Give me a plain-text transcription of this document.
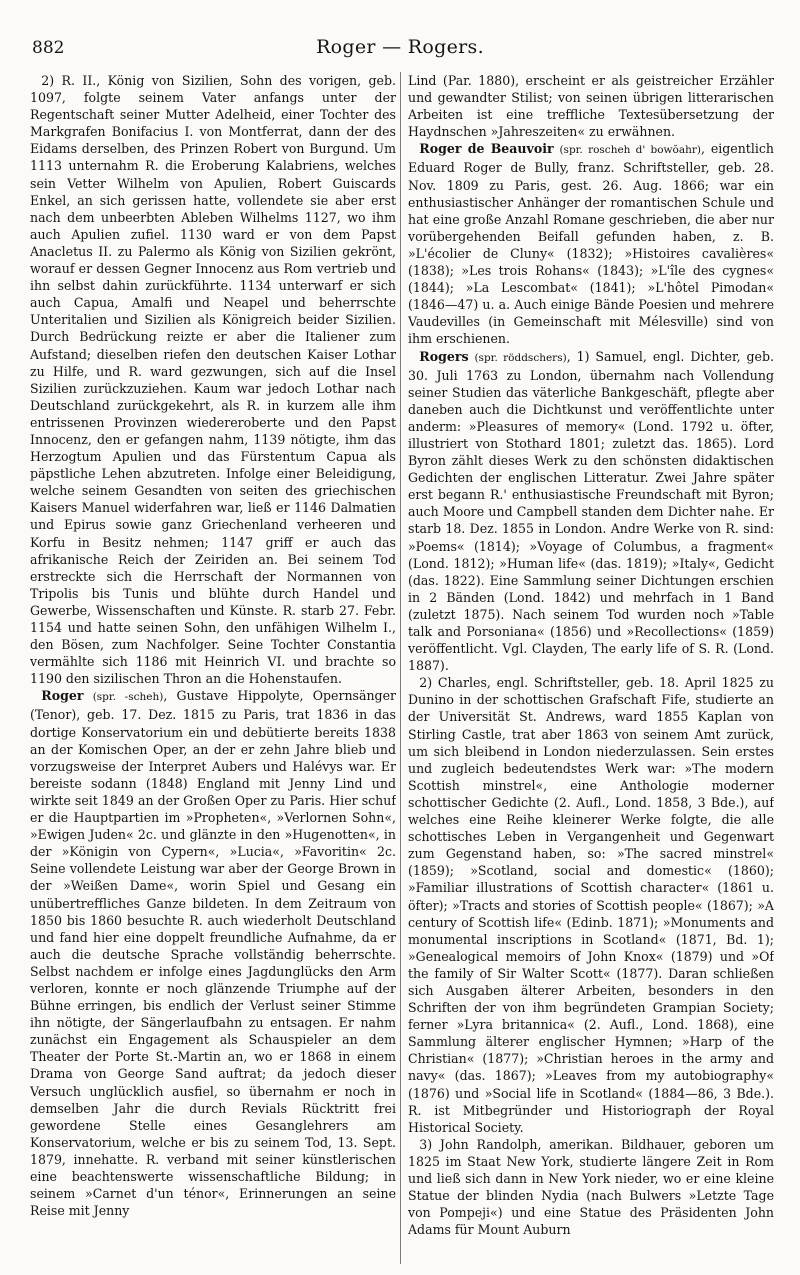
882	Roger — Rogers.

2) R. II., König von Sizilien, Sohn des vorigen, geb. 1097, folgte seinem Vater anfangs unter der Regentschaft seiner Mutter Adelheid, einer Tochter des Markgrafen Bonifacius I. von Montferrat, dann der des Eidams derselben, des Prinzen Robert von Burgund. Um 1113 unternahm R. die Eroberung Kalabriens, welches sein Vetter Wilhelm von Apulien, Robert Guiscards Enkel, an sich gerissen hatte, vollendete sie aber erst nach dem unbeerbten Ableben Wilhelms 1127, wo ihm auch Apulien zufiel. 1130 ward er von dem Papst Anacletus II. zu Palermo als König von Sizilien gekrönt, worauf er dessen Gegner Innocenz aus Rom vertrieb und ihn selbst dahin zurückführte. 1134 unterwarf er sich auch Capua, Amalfi und Neapel und beherrschte Unteritalien und Sizilien als Königreich beider Sizilien. Durch Bedrückung reizte er aber die Italiener zum Aufstand; dieselben riefen den deutschen Kaiser Lothar zu Hilfe, und R. ward gezwungen, sich auf die Insel Sizilien zurückzuziehen. Kaum war jedoch Lothar nach Deutschland zurückgekehrt, als R. in kurzem alle ihm entrissenen Provinzen wiedereroberte und den Papst Innocenz, den er gefangen nahm, 1139 nötigte, ihm das Herzogtum Apulien und das Fürstentum Capua als päpstliche Lehen abzutreten. Infolge einer Beleidigung, welche seinem Gesandten von seiten des griechischen Kaisers Manuel widerfahren war, ließ er 1146 Dalmatien und Epirus sowie ganz Griechenland verheeren und Korfu in Besitz nehmen; 1147 griff er auch das afrikanische Reich der Zeiriden an. Bei seinem Tod erstreckte sich die Herrschaft der Normannen von Tripolis bis Tunis und blühte durch Handel und Gewerbe, Wissenschaften und Künste. R. starb 27. Febr. 1154 und hatte seinen Sohn, den unfähigen Wilhelm I., den Bösen, zum Nachfolger. Seine Tochter Constantia vermählte sich 1186 mit Heinrich VI. und brachte so 1190 den sizilischen Thron an die Hohenstaufen.

Roger (spr. -scheh), Gustave Hippolyte, Opernsänger (Tenor), geb. 17. Dez. 1815 zu Paris, trat 1836 in das dortige Konservatorium ein und debütierte bereits 1838 an der Komischen Oper, an der er zehn Jahre blieb und vorzugsweise der Interpret Aubers und Halévys war. Er bereiste sodann (1848) England mit Jenny Lind und wirkte seit 1849 an der Großen Oper zu Paris. Hier schuf er die Hauptpartien im »Propheten«, »Verlornen Sohn«, »Ewigen Juden« 2c. und glänzte in den »Hugenotten«, in der »Königin von Cypern«, »Lucia«, »Favoritin« 2c. Seine vollendete Leistung war aber der George Brown in der »Weißen Dame«, worin Spiel und Gesang ein unübertreffliches Ganze bildeten. In dem Zeitraum von 1850 bis 1860 besuchte R. auch wiederholt Deutschland und fand hier eine doppelt freundliche Aufnahme, da er auch die deutsche Sprache vollständig beherrschte. Selbst nachdem er infolge eines Jagdunglücks den Arm verloren, konnte er noch glänzende Triumphe auf der Bühne erringen, bis endlich der Verlust seiner Stimme ihn nötigte, der Sängerlaufbahn zu entsagen. Er nahm zunächst ein Engagement als Schauspieler an dem Theater der Porte St.-Martin an, wo er 1868 in einem Drama von George Sand auftrat; da jedoch dieser Versuch unglücklich ausfiel, so übernahm er noch in demselben Jahr die durch Revials Rücktritt frei gewordene Stelle eines Gesanglehrers am Konservatorium, welche er bis zu seinem Tod, 13. Sept. 1879, innehatte. R. verband mit seiner künstlerischen eine beachtenswerte wissenschaftliche Bildung; in seinem »Carnet d'un ténor«, Erinnerungen an seine Reise mit Jenny

Lind (Par. 1880), erscheint er als geistreicher Erzähler und gewandter Stilist; von seinen übrigen litterarischen Arbeiten ist eine treffliche Textesübersetzung der Haydnschen »Jahreszeiten« zu erwähnen.

Roger de Beauvoir (spr. roscheh d' bowŏahr), eigentlich Eduard Roger de Bully, franz. Schriftsteller, geb. 28. Nov. 1809 zu Paris, gest. 26. Aug. 1866; war ein enthusiastischer Anhänger der romantischen Schule und hat eine große Anzahl Romane geschrieben, die aber nur vorübergehenden Beifall gefunden haben, z. B. »L'écolier de Cluny« (1832); »Histoires cavalières« (1838); »Les trois Rohans« (1843); »L'île des cygnes« (1844); »La Lescombat« (1841); »L'hôtel Pimodan« (1846—47) u. a. Auch einige Bände Poesien und mehrere Vaudevilles (in Gemeinschaft mit Mélesville) sind von ihm erschienen.

Rogers (spr. röddschers), 1) Samuel, engl. Dichter, geb. 30. Juli 1763 zu London, übernahm nach Vollendung seiner Studien das väterliche Bankgeschäft, pflegte aber daneben auch die Dichtkunst und veröffentlichte unter anderm: »Pleasures of memory« (Lond. 1792 u. öfter, illustriert von Stothard 1801; zuletzt das. 1865). Lord Byron zählt dieses Werk zu den schönsten didaktischen Gedichten der englischen Litteratur. Zwei Jahre später erst begann R.' enthusiastische Freundschaft mit Byron; auch Moore und Campbell standen dem Dichter nahe. Er starb 18. Dez. 1855 in London. Andre Werke von R. sind: »Poems« (1814); »Voyage of Columbus, a fragment« (Lond. 1812); »Human life« (das. 1819); »Italy«, Gedicht (das. 1822). Eine Sammlung seiner Dichtungen erschien in 2 Bänden (Lond. 1842) und mehrfach in 1 Band (zuletzt 1875). Nach seinem Tod wurden noch »Table talk and Porsoniana« (1856) und »Recollections« (1859) veröffentlicht. Vgl. Clayden, The early life of S. R. (Lond. 1887).

2) Charles, engl. Schriftsteller, geb. 18. April 1825 zu Dunino in der schottischen Grafschaft Fife, studierte an der Universität St. Andrews, ward 1855 Kaplan von Stirling Castle, trat aber 1863 von seinem Amt zurück, um sich bleibend in London niederzulassen. Sein erstes und zugleich bedeutendstes Werk war: »The modern Scottish minstrel«, eine Anthologie moderner schottischer Gedichte (2. Aufl., Lond. 1858, 3 Bde.), auf welches eine Reihe kleinerer Werke folgte, die alle schottisches Leben in Vergangenheit und Gegenwart zum Gegenstand haben, so: »The sacred minstrel« (1859); »Scotland, social and domestic« (1860); »Familiar illustrations of Scottish character« (1861 u. öfter); »Tracts and stories of Scottish people« (1867); »A century of Scottish life« (Edinb. 1871); »Monuments and monumental inscriptions in Scotland« (1871, Bd. 1); »Genealogical memoirs of John Knox« (1879) und »Of the family of Sir Walter Scott« (1877). Daran schließen sich Ausgaben älterer Arbeiten, besonders in den Schriften der von ihm begründeten Grampian Society; ferner »Lyra britannica« (2. Aufl., Lond. 1868), eine Sammlung älterer englischer Hymnen; »Harp of the Christian« (1877); »Christian heroes in the army and navy« (das. 1867); »Leaves from my autobiography« (1876) und »Social life in Scotland« (1884—86, 3 Bde.). R. ist Mitbegründer und Historiograph der Royal Historical Society.

3) John Randolph, amerikan. Bildhauer, geboren um 1825 im Staat New York, studierte längere Zeit in Rom und ließ sich dann in New York nieder, wo er eine kleine Statue der blinden Nydia (nach Bulwers »Letzte Tage von Pompeji«) und eine Statue des Präsidenten John Adams für Mount Auburn
